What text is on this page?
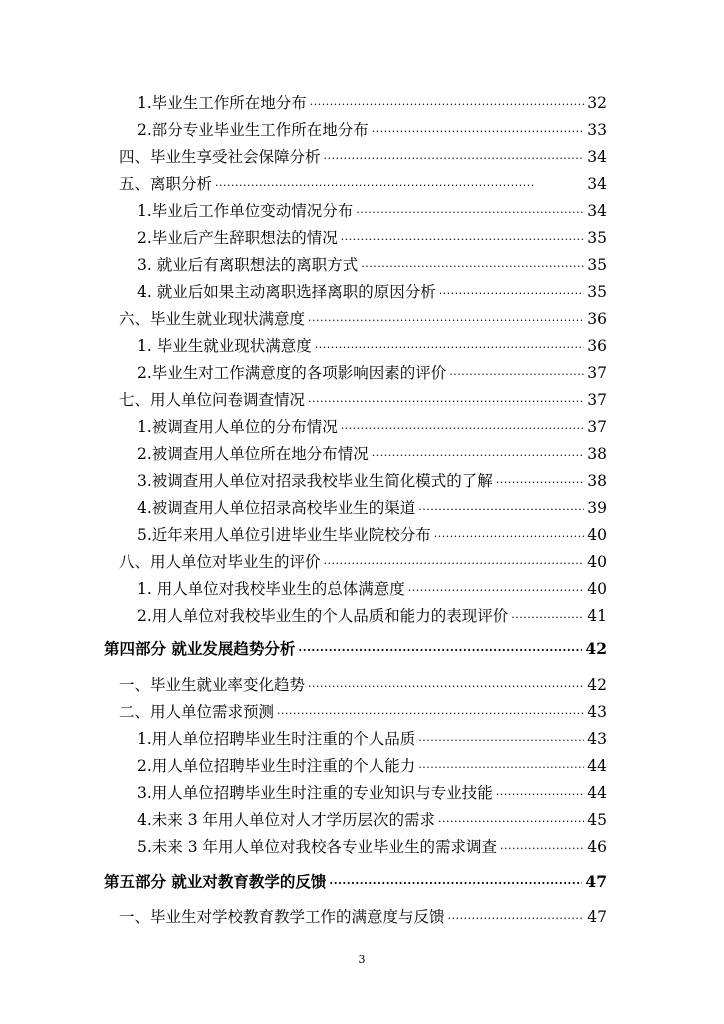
1.毕业生工作所在地分布 ·····	32
2.部分专业毕业生工作所在地分布 ·····	33
四、毕业生享受社会保障分析 ·····	34
五、离职分析 ·····	34
1.毕业后工作单位变动情况分布 ·····	34
2.毕业后产生辞职想法的情况 ·····	35
3. 就业后有离职想法的离职方式 ·····	35
4. 就业后如果主动离职选择离职的原因分析 ·····	35
六、毕业生就业现状满意度 ·····	36
1. 毕业生就业现状满意度 ·····	36
2.毕业生对工作满意度的各项影响因素的评价 ·····	37
七、用人单位问卷调查情况 ·····	37
1.被调查用人单位的分布情况 ·····	37
2.被调查用人单位所在地分布情况 ·····	38
3.被调查用人单位对招录我校毕业生简化模式的了解 ·····	38
4.被调查用人单位招录高校毕业生的渠道 ·····	39
5.近年来用人单位引进毕业生毕业院校分布 ·····	40
八、用人单位对毕业生的评价 ·····	40
1. 用人单位对我校毕业生的总体满意度 ·····	40
2.用人单位对我校毕业生的个人品质和能力的表现评价 ·····	41
第四部分 就业发展趋势分析 ·····	42
一、毕业生就业率变化趋势 ·····	42
二、用人单位需求预测 ·····	43
1.用人单位招聘毕业生时注重的个人品质 ·····	43
2.用人单位招聘毕业生时注重的个人能力 ·····	44
3.用人单位招聘毕业生时注重的专业知识与专业技能 ·····	44
4.未来 3 年用人单位对人才学历层次的需求 ·····	45
5.未来 3 年用人单位对我校各专业毕业生的需求调查 ·····	46
第五部分 就业对教育教学的反馈 ·····	47
一、毕业生对学校教育教学工作的满意度与反馈 ·····	47
3
